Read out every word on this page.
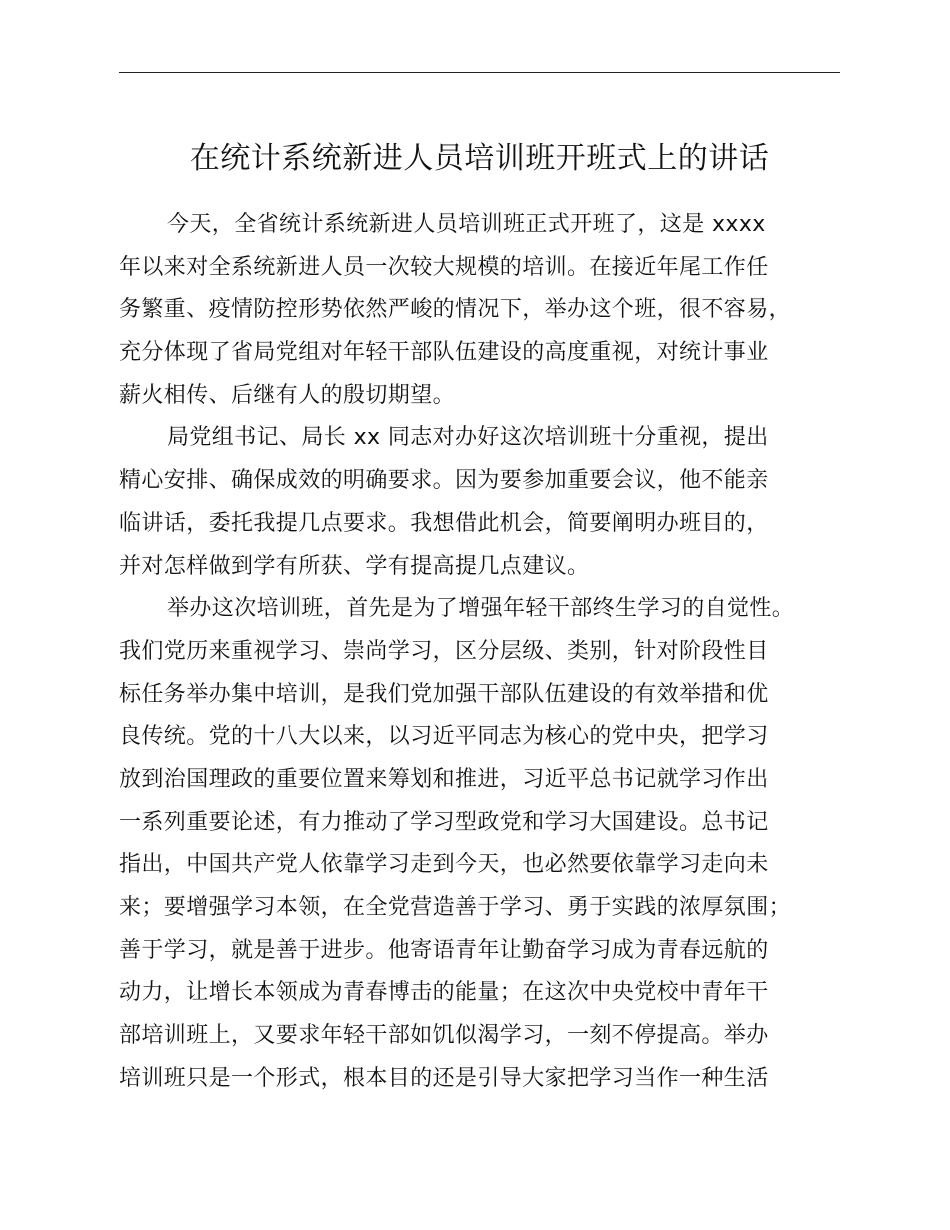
在统计系统新进人员培训班开班式上的讲话
今天，全省统计系统新进人员培训班正式开班了，这是 xxxx
年以来对全系统新进人员一次较大规模的培训。在接近年尾工作任
务繁重、疫情防控形势依然严峻的情况下，举办这个班，很不容易，
充分体现了省局党组对年轻干部队伍建设的高度重视，对统计事业
薪火相传、后继有人的殷切期望。
局党组书记、局长 xx 同志对办好这次培训班十分重视，提出
精心安排、确保成效的明确要求。因为要参加重要会议，他不能亲
临讲话，委托我提几点要求。我想借此机会，简要阐明办班目的，
并对怎样做到学有所获、学有提高提几点建议。
举办这次培训班，首先是为了增强年轻干部终生学习的自觉性。
我们党历来重视学习、崇尚学习，区分层级、类别，针对阶段性目
标任务举办集中培训，是我们党加强干部队伍建设的有效举措和优
良传统。党的十八大以来，以习近平同志为核心的党中央，把学习
放到治国理政的重要位置来筹划和推进，习近平总书记就学习作出
一系列重要论述，有力推动了学习型政党和学习大国建设。总书记
指出，中国共产党人依靠学习走到今天，也必然要依靠学习走向未
来；要增强学习本领，在全党营造善于学习、勇于实践的浓厚氛围；
善于学习，就是善于进步。他寄语青年让勤奋学习成为青春远航的
动力，让增长本领成为青春博击的能量；在这次中央党校中青年干
部培训班上，又要求年轻干部如饥似渴学习，一刻不停提高。举办
培训班只是一个形式，根本目的还是引导大家把学习当作一种生活
